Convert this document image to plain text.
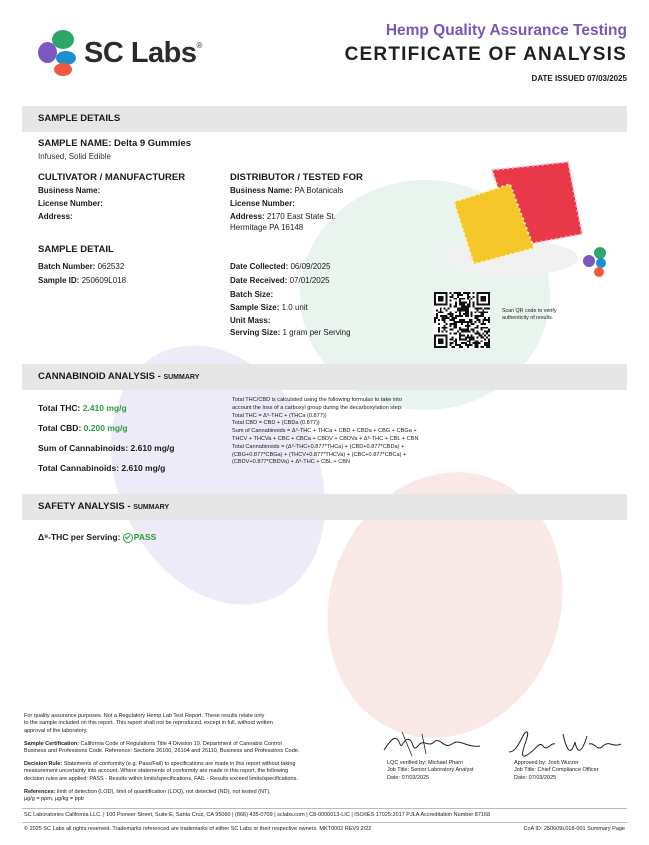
SC Labs®
Hemp Quality Assurance Testing
CERTIFICATE OF ANALYSIS
DATE ISSUED 07/03/2025
SAMPLE DETAILS
SAMPLE NAME: Delta 9 Gummies
Infused, Solid Edible
CULTIVATOR / MANUFACTURER
Business Name:
License Number:
Address:
DISTRIBUTOR / TESTED FOR
Business Name: PA Botanicals
License Number:
Address: 2170 East State St.
Hermitage PA 16148
SAMPLE DETAIL
Batch Number: 062532
Sample ID: 250609L018
Date Collected: 06/09/2025
Date Received: 07/01/2025
Batch Size:
Sample Size: 1.0 unit
Unit Mass:
Serving Size: 1 gram per Serving
Scan QR code to verify
authenticity of results.
CANNABINOID ANALYSIS - SUMMARY
Total THC: 2.410 mg/g
Total CBD: 0.200 mg/g
Sum of Cannabinoids: 2.610 mg/g
Total Cannabinoids: 2.610 mg/g
Total THC/CBD is calculated using the following formulas to take into
account the loss of a carboxyl group during the decarboxylation step:
Total THC = Δ⁹-THC + (THCa (0.877))
Total CBD = CBD + (CBDa (0.877))
Sum of Cannabinoids = Δ⁹-THC + THCa + CBD + CBDa + CBG + CBGa +
THCV + THCVa + CBC + CBCa + CBDV + CBDVa + Δ⁸-THC + CBL + CBN
Total Cannabinoids = (Δ⁹-THC+0.877*THCa) + (CBD+0.877*CBDa) +
(CBG+0.877*CBGa) + (THCV+0.877*THCVa) + (CBC+0.877*CBCa) +
(CBDV+0.877*CBDVa) + Δ⁸-THC + CBL + CBN
SAFETY ANALYSIS - SUMMARY
Δ⁹-THC per Serving: PASS
For quality assurance purposes. Not a Regulatory Hemp Lab Test Report. These results relate only
to the sample included on this report. This report shall not be reproduced, except in full, without written
approval of the laboratory.
Sample Certification: California Code of Regulations Title 4 Division 19. Department of Cannabis Control
Business and Professions Code. Reference: Sections 26100, 26104 and 26110, Business and Professions Code.
Decision Rule: Statements of conformity (e.g. Pass/Fail) to specifications are made in this report without taking
measurement uncertainty into account. Where statements of conformity are made in this report, the following
decision rules are applied: PASS - Results within limits/specifications, FAIL - Results exceed limits/specifications.
References: limit of detection (LOD), limit of quantification (LOQ), not detected (ND), not tested (NT),
µg/g = ppm, µg/kg = ppb
LQC verified by: Michael Pham
Job Title: Senior Laboratory Analyst
Date: 07/03/2025
Approved by: Josh Wurzer
Job Title: Chief Compliance Officer
Date: 07/03/2025
SC Laboratories California LLC. | 100 Pioneer Street, Suite E, Santa Cruz, CA 95060 | (866) 435-0709 | sclabs.com | C8-0000013-LIC | ISO/IES 17025:2017 PJLA Accreditation Number 87168
© 2025 SC Labs all rights reserved. Trademarks referenced are trademarks of either SC Labs or their respective owners. MKT0002 REV9 2/22	CoA ID: 250609L018-001 Summary Page
